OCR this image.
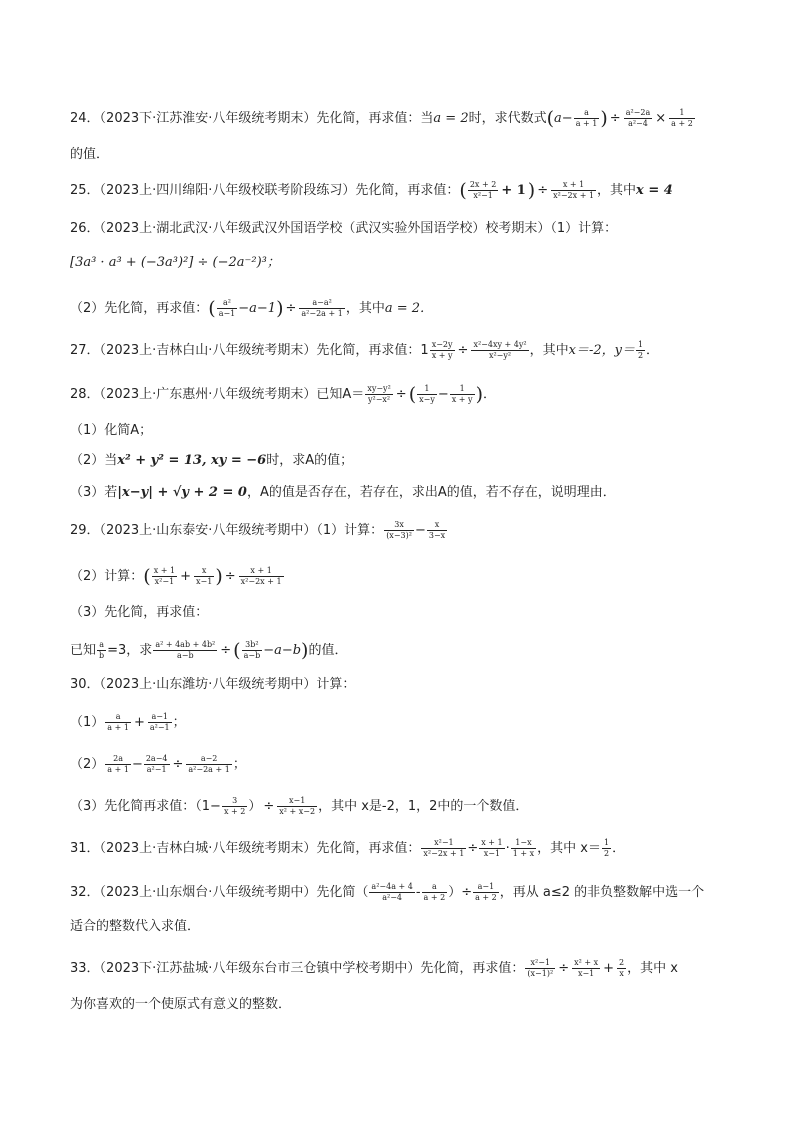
24．（2023下·江苏淮安·八年级统考期末）先化简，再求值：当a = 2时，求代数式($a- \frac{a}{a + 1}$ ) ÷ $\frac{\text{a²−2a}}{\text{a²−4}} \times \frac{1}{a + 2}$
的值．
25．（2023上·四川绵阳·八年级校联考阶段练习）先化简，再求值：( $\frac{2x + 2}{\text{x²−1}} + 1$ ) ÷ $\frac{x + 1}{\text{x²−2x + 1}}$ ，其中x = 4
26．（2023上·湖北武汉·八年级武汉外国语学校（武汉实验外国语学校）校考期末）（1）计算：
[3a³ · a³ + (−3a³)²] ÷ (−2a⁻²)³；
（2）先化简，再求值：( $\frac{\text{a²}}{a-1} -a-1) \div \frac{\text{a−a²}}{\text{a²−2a + 1}}$ ，其中a = 2．
27．（2023上·吉林白山·八年级统考期末）先化简，再求值：$1 \frac{x-2y}{x + y} \div \frac{\text{x²−4xy + 4y²}}{\text{x²−y²}}$ ，其中x＝-2，$y= \frac{1}{2}$ ．
28．（2023上·广东惠州·八年级统考期末）已知$A= \frac{\text{xy−y²}}{\text{y²−x²}}$ ÷ ( $\frac{1}{x-y} - \frac{1}{x + y}$ )．
（1）化简A；
（2）当x² + y² = 13, xy = −6时，求A的值；
（3）若|x−y| + √y + 2 = 0，A的值是否存在，若存在，求出A的值，若不存在，说明理由．
29．（2023上·山东泰安·八年级统考期中）（1）计算： $\frac{3x}{\text{(x−3)²}} - \frac{x}{3-x}$
（2）计算：( $\frac{x + 1}{\text{x²−1}} + \frac{x}{x-1}$ ) ÷ $\frac{x + 1}{\text{x²−2x + 1}}$
（3）先化简，再求值：
已知 $\frac{a}{b} =3$，求 $\frac{\text{a² + 4ab + 4b²}}{a-b}$ ÷ ( $\frac{\text{3b²}}{a-b} -a-b$)的值．
30．（2023上·山东潍坊·八年级统考期中）计算：
$(1) \frac{a}{a + 1} + \frac{a-1}{\text{a²−1}}$ ；
$(2) \frac{2a}{a + 1} - \frac{2a-4}{\text{a²−1}} \div \frac{a-2}{\text{a²−2a + 1}}$ ；
（3）先化简再求值：（$1- \frac{3}{x + 2}$ ） ÷ $\frac{x-1}{\text{x² + x−2}}$ ，其中 x是-2，1，2中的一个数值．
31．（2023上·吉林白城·八年级统考期末）先化简，再求值： $\frac{\text{x²−1}}{\text{x²−2x + 1}} \div \frac{x + 1}{x-1} \cdot \frac{1-x}{1 + x}$ ，其中 $x= \frac{1}{2}$ ．
32．（2023上·山东烟台·八年级统考期中）先化简（ $\frac{\text{a²−4a + 4}}{\text{a²−4}} - \frac{a}{a + 2}$ ）÷ $\frac{a-1}{a + 2}$ ，再从 a≤2 的非负整数解中选一个
适合的整数代入求值．
33．（2023下·江苏盐城·八年级东台市三仓镇中学校考期中）先化简，再求值： $\frac{\text{x²−1}}{\text{(x−1)²}} \div \frac{\text{x² + x}}{x-1} + \frac{2}{x}$ ，其中 x
为你喜欢的一个使原式有意义的整数．
